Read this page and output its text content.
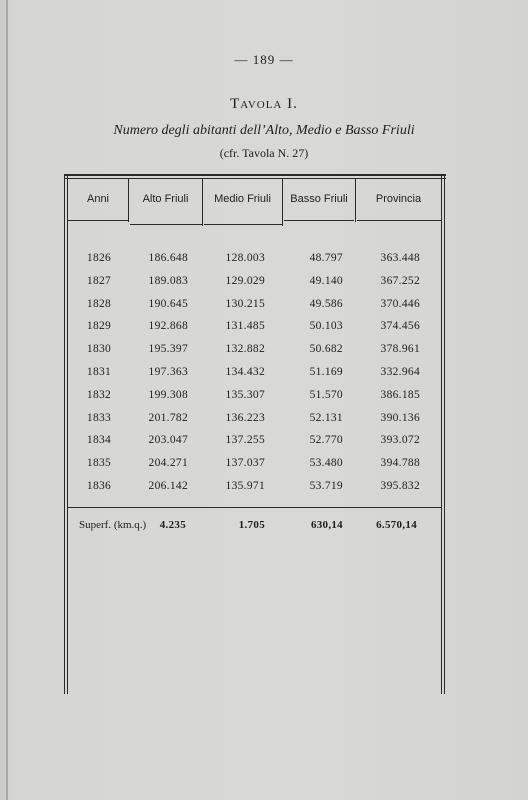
— 189 —
Tavola I.
Numero degli abitanti dell’Alto, Medio e Basso Friuli
(cfr. Tavola N. 27)
Anni	Alto Friuli	Medio Friuli	Basso Friuli	Provincia
1826	186.648	128.003	48.797	363.448
1827	189.083	129.029	49.140	367.252
1828	190.645	130.215	49.586	370.446
1829	192.868	131.485	50.103	374.456
1830	195.397	132.882	50.682	378.961
1831	197.363	134.432	51.169	332.964
1832	199.308	135.307	51.570	386.185
1833	201.782	136.223	52.131	390.136
1834	203.047	137.255	52.770	393.072
1835	204.271	137.037	53.480	394.788
1836	206.142	135.971	53.719	395.832
Superf. (km.q.)	4.235	1.705	630,14	6.570,14
